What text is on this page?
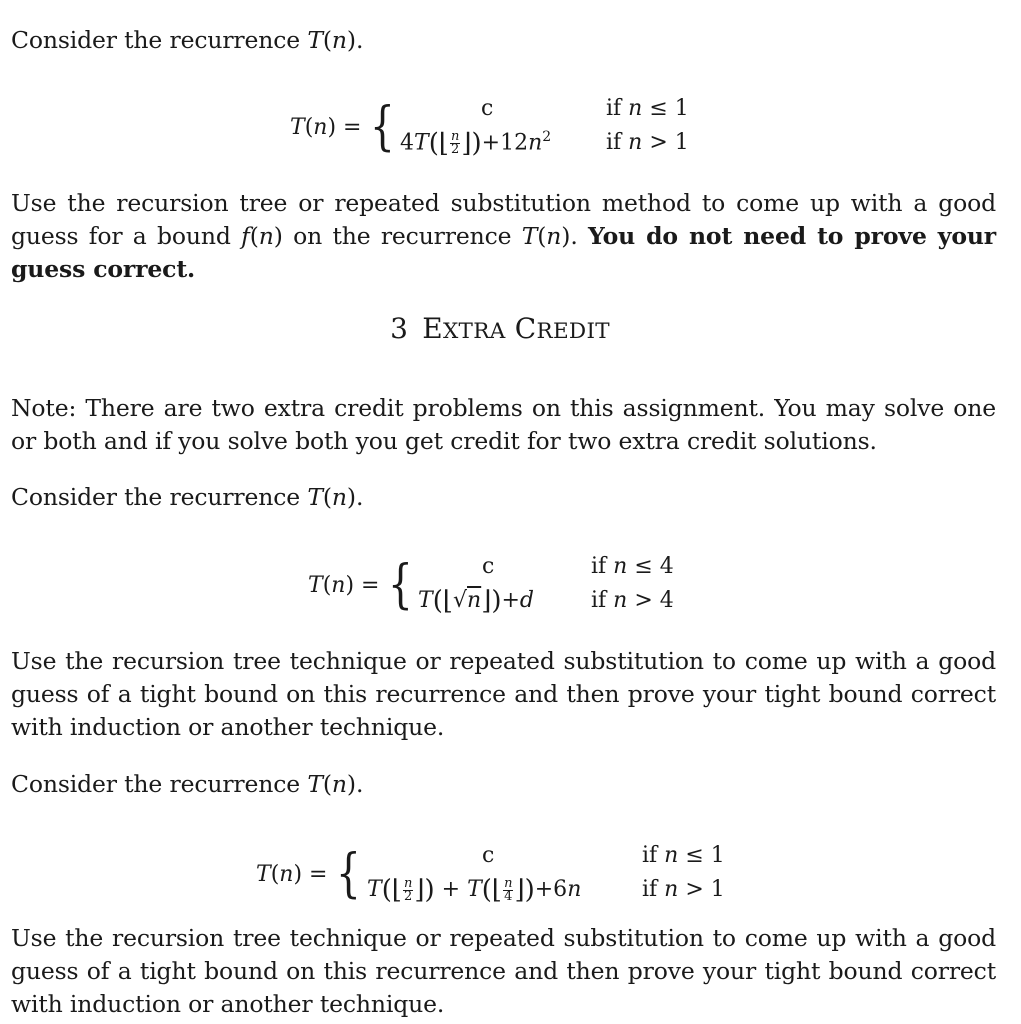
Consider the recurrence T(n).

T(n) = {	c	if n ≤ 1
4T(⌊ $\frac{n}{2}$ $⌋)+12n^2$ if n > 1

Use the recursion tree or repeated substitution method to come up with a good guess for a bound f(n) on the recurrence T(n). You do not need to prove your guess correct.

3 EXTRA CREDIT

Note: There are two extra credit problems on this assignment. You may solve one or both and if you solve both you get credit for two extra credit solutions.

Consider the recurrence T(n).

T(n) = {	c	if n ≤ 4
T(⌊√n⌋)+d	if n > 4

Use the recursion tree technique or repeated substitution to come up with a good guess of a tight bound on this recurrence and then prove your tight bound correct with induction or another technique.

Consider the recurrence T(n).

T(n) = {	c	if n ≤ 1
T(⌊ $\frac{n}{2}$ ⌋) + T(⌊ $\frac{n}{4}$ ⌋)+6n	if n > 1

Use the recursion tree technique or repeated substitution to come up with a good guess of a tight bound on this recurrence and then prove your tight bound correct with induction or another technique.
